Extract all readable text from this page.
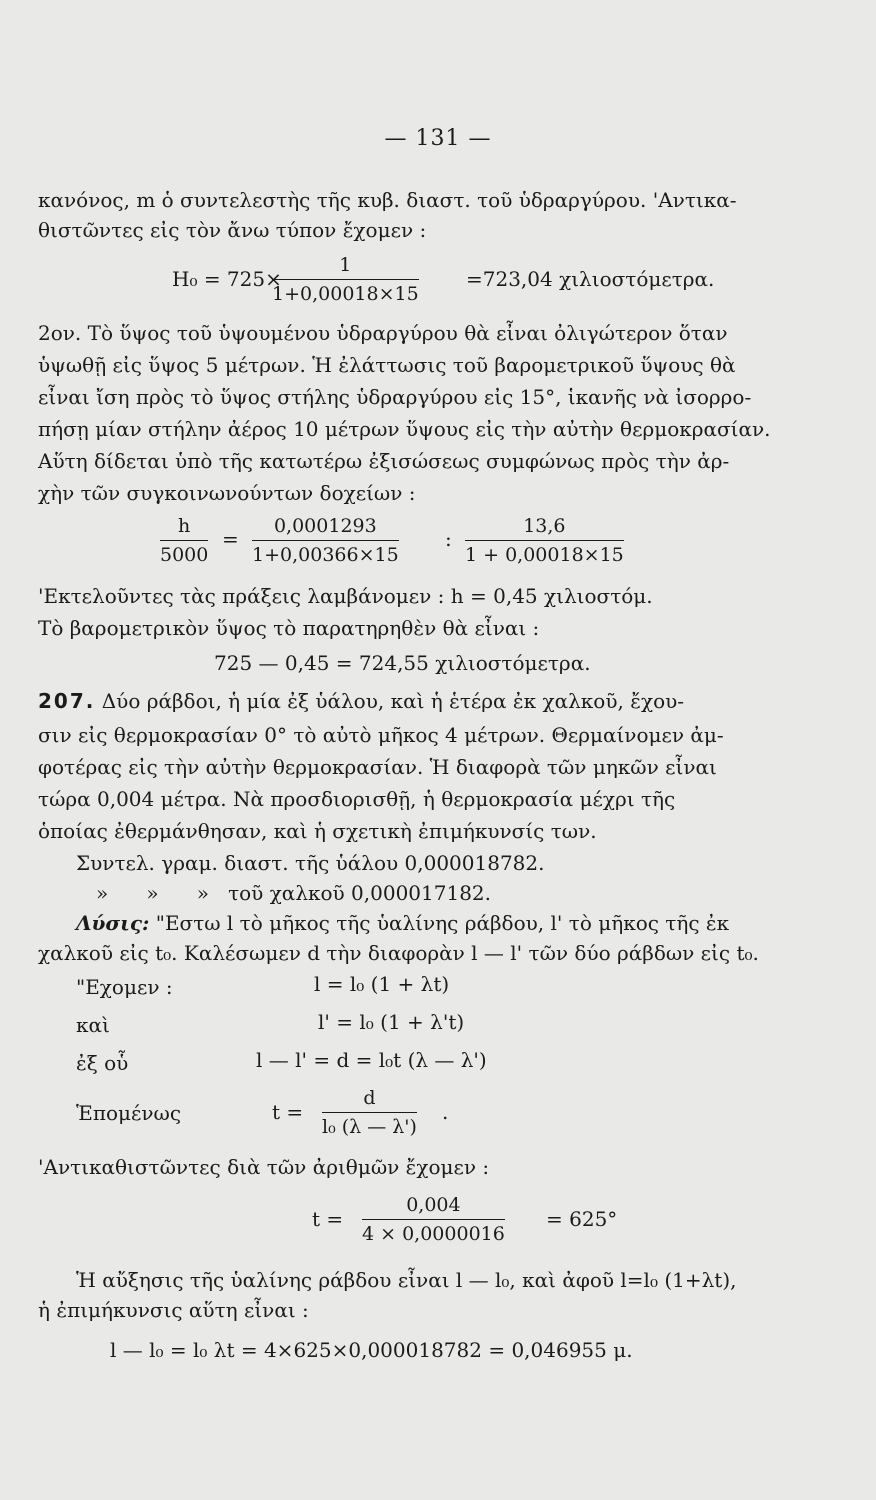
— 131 —
κανόνος, m ὁ συντελεστὴς τῆς κυβ. διαστ. τοῦ ὑδραργύρου. 'Αντικα-
θιστῶντες εἰς τὸν ἄνω τύπον ἔχομεν :
H₀ = 725×
1
1+0,00018×15
=723,04 χιλιοστόμετρα.
2ον. Τὸ ὕψος τοῦ ὑψουμένου ὑδραργύρου θὰ εἶναι ὀλιγώτερον ὅταν
ὑψωθῇ εἰς ὕψος 5 μέτρων. Ἡ ἐλάττωσις τοῦ βαρομετρικοῦ ὕψους θὰ
εἶναι ἴση πρὸς τὸ ὕψος στήλης ὑδραργύρου εἰς 15°, ἱκανῆς νὰ ἰσορρο-
πήσῃ μίαν στήλην ἀέρος 10 μέτρων ὕψους εἰς τὴν αὐτὴν θερμοκρασίαν.
Αὕτη δίδεται ὑπὸ τῆς κατωτέρω ἐξισώσεως συμφώνως πρὸς τὴν ἀρ-
χὴν τῶν συγκοινωνούντων δοχείων :
h
5000
=
0,0001293
1+0,00366×15
:
13,6
1 + 0,00018×15
'Εκτελοῦντες τὰς πράξεις λαμβάνομεν : h = 0,45 χιλιοστόμ.
Τὸ βαρομετρικὸν ὕψος τὸ παρατηρηθὲν θὰ εἶναι :
725 — 0,45 = 724,55 χιλιοστόμετρα.
207. Δύο ράβδοι, ἡ μία ἐξ ὑάλου, καὶ ἡ ἑτέρα ἐκ χαλκοῦ, ἔχου-
σιν εἰς θερμοκρασίαν 0° τὸ αὐτὸ μῆκος 4 μέτρων. Θερμαίνομεν ἀμ-
φοτέρας εἰς τὴν αὐτὴν θερμοκρασίαν. Ἡ διαφορὰ τῶν μηκῶν εἶναι
τώρα 0,004 μέτρα. Νὰ προσδιορισθῇ, ἡ θερμοκρασία μέχρι τῆς
ὁποίας ἐθερμάνθησαν, καὶ ἡ σχετικὴ ἐπιμήκυνσίς των.
Συντελ. γραμ. διαστ. τῆς ὑάλου 0,000018782.
»      »      »   τοῦ χαλκοῦ 0,000017182.
Λύσις: "Εστω l τὸ μῆκος τῆς ὑαλίνης ράβδου, l' τὸ μῆκος τῆς ἐκ
χαλκοῦ εἰς t₀. Καλέσωμεν d τὴν διαφορὰν l — l' τῶν δύο ράβδων εἰς t₀.
"Εχομεν :	l = l₀ (1 + λt)
καὶ	l' = l₀ (1 + λ't)
ἐξ οὗ	l — l' = d = l₀t (λ — λ')
Ἑπομένως	t =
d
l₀ (λ — λ')
.
'Αντικαθιστῶντες διὰ τῶν ἀριθμῶν ἔχομεν :
t =
0,004
4 × 0,0000016
= 625°
Ἡ αὔξησις τῆς ὑαλίνης ράβδου εἶναι l — l₀, καὶ ἀφοῦ l=l₀ (1+λt),
ἡ ἐπιμήκυνσις αὕτη εἶναι :
l — l₀ = l₀ λt = 4×625×0,000018782 = 0,046955 μ.
